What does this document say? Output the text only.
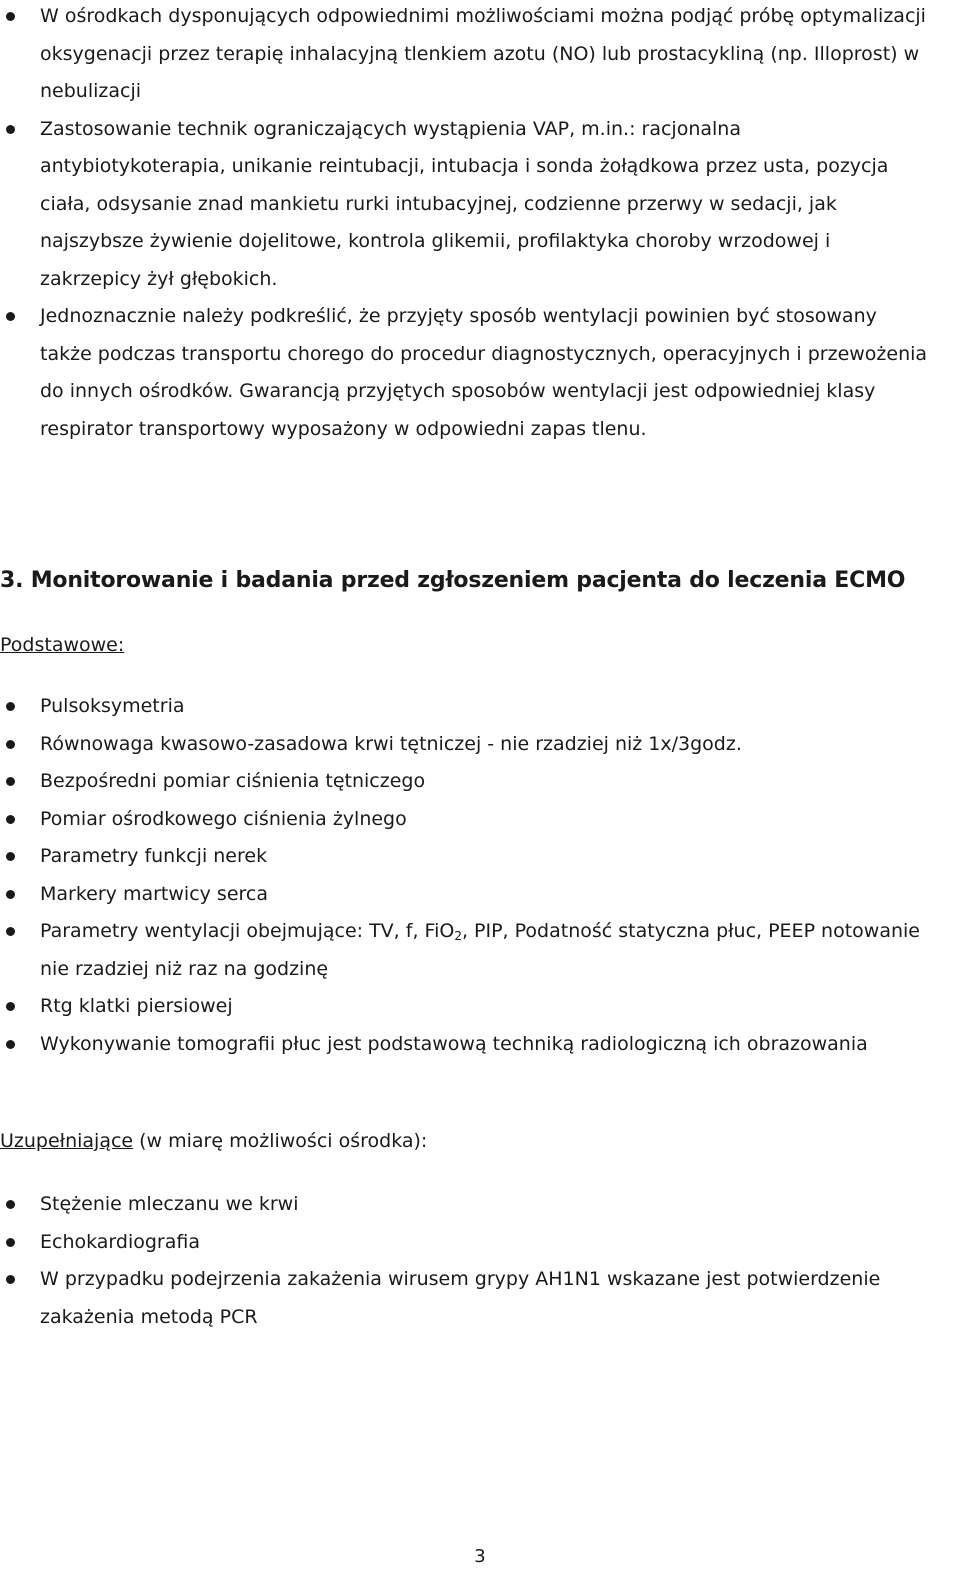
W ośrodkach dysponujących odpowiednimi możliwościami można podjąć próbę optymalizacji oksygenacji przez terapię inhalacyjną tlenkiem azotu (NO) lub prostacykliną (np. Illoprost) w nebulizacji
Zastosowanie technik ograniczających wystąpienia VAP, m.in.: racjonalna antybiotykoterapia, unikanie reintubacji, intubacja i sonda żołądkowa przez usta, pozycja ciała, odsysanie znad mankietu rurki intubacyjnej, codzienne przerwy w sedacji, jak najszybsze żywienie dojelitowe, kontrola glikemii, profilaktyka choroby wrzodowej i zakrzepicy żył głębokich.
Jednoznacznie należy podkreślić, że przyjęty sposób wentylacji powinien być stosowany także podczas transportu chorego do procedur diagnostycznych, operacyjnych i przewożenia do innych ośrodków. Gwarancją przyjętych sposobów wentylacji jest odpowiedniej klasy respirator transportowy wyposażony w odpowiedni zapas tlenu.
3. Monitorowanie i badania przed zgłoszeniem pacjenta do leczenia ECMO
Podstawowe:
Pulsoksymetria
Równowaga kwasowo-zasadowa krwi tętniczej - nie rzadziej niż 1x/3godz.
Bezpośredni pomiar ciśnienia tętniczego
Pomiar ośrodkowego ciśnienia żylnego
Parametry funkcji nerek
Markery martwicy serca
Parametry wentylacji obejmujące: TV, f, FiO$_2$, PIP, Podatność statyczna płuc, PEEP notowanie nie rzadziej niż raz na godzinę
Rtg klatki piersiowej
Wykonywanie tomografii płuc jest podstawową techniką radiologiczną ich obrazowania
Uzupełniające (w miarę możliwości ośrodka):
Stężenie mleczanu we krwi
Echokardiografia
W przypadku podejrzenia zakażenia wirusem grypy AH1N1 wskazane jest potwierdzenie zakażenia metodą PCR
3
